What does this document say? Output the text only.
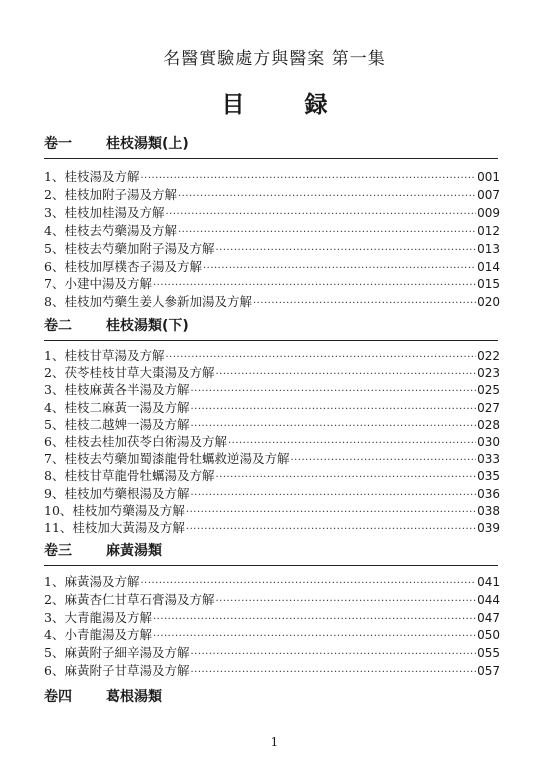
名醫實驗處方與醫案 第一集
目	録
卷一	桂枝湯類(上)
卷二	桂枝湯類(下)
卷三	麻黃湯類
卷四	葛根湯類
1
1、桂枝湯及方解 ·····	001
2、桂枝加附子湯及方解 ·····	007
3、桂枝加桂湯及方解 ·····	009
4、桂枝去芍藥湯及方解 ·····	012
5、桂枝去芍藥加附子湯及方解 ·····	013
6、桂枝加厚樸杏子湯及方解 ·····	014
7、小建中湯及方解 ·····	015
8、桂枝加芍藥生姜人參新加湯及方解 ·····	020
1、桂枝甘草湯及方解 ·····	022
2、茯苓桂枝甘草大棗湯及方解 ·····	023
3、桂枝麻黃各半湯及方解 ·····	025
4、桂枝二麻黃一湯及方解 ·····	027
5、桂枝二越婢一湯及方解 ·····	028
6、桂枝去桂加茯苓白術湯及方解 ·····	030
7、桂枝去芍藥加蜀漆龍骨牡蠣救逆湯及方解 ·····	033
8、桂枝甘草龍骨牡蠣湯及方解 ·····	035
9、桂枝加芍藥根湯及方解 ·····	036
10、桂枝加芍藥湯及方解 ·····	038
11、桂枝加大黃湯及方解 ·····	039
1、麻黃湯及方解 ·····	041
2、麻黃杏仁甘草石膏湯及方解 ·····	044
3、大青龍湯及方解 ·····	047
4、小青龍湯及方解 ·····	050
5、麻黃附子細辛湯及方解 ·····	055
6、麻黃附子甘草湯及方解 ·····	057
